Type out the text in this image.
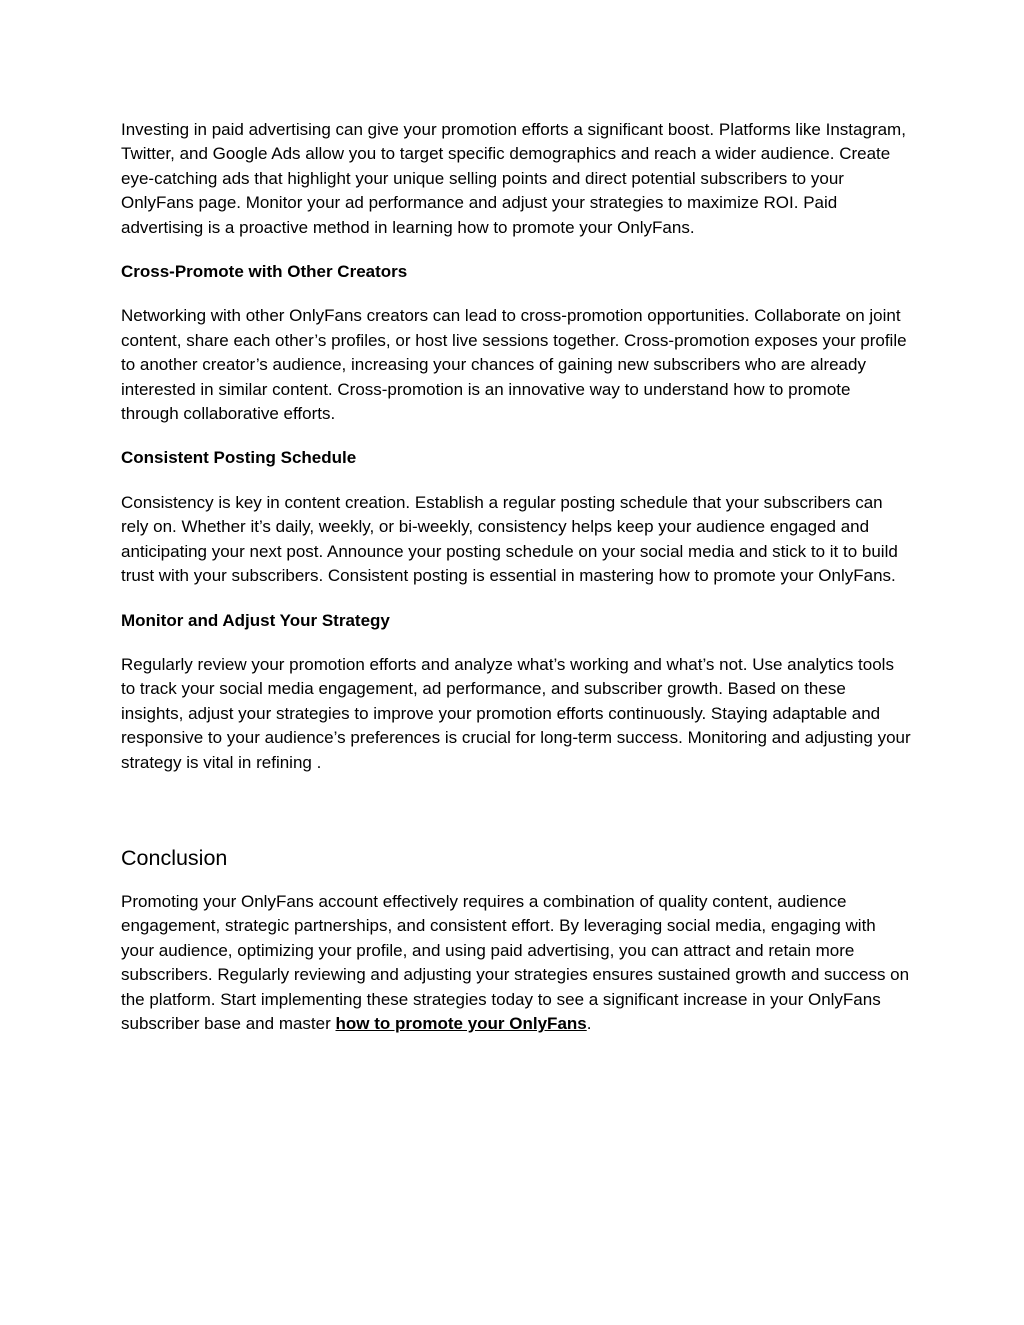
Investing in paid advertising can give your promotion efforts a significant boost. Platforms like Instagram, Twitter, and Google Ads allow you to target specific demographics and reach a wider audience. Create eye-catching ads that highlight your unique selling points and direct potential subscribers to your OnlyFans page. Monitor your ad performance and adjust your strategies to maximize ROI. Paid advertising is a proactive method in learning how to promote your OnlyFans.

Cross-Promote with Other Creators

Networking with other OnlyFans creators can lead to cross-promotion opportunities. Collaborate on joint content, share each other’s profiles, or host live sessions together. Cross-promotion exposes your profile to another creator’s audience, increasing your chances of gaining new subscribers who are already interested in similar content. Cross-promotion is an innovative way to understand how to promote through collaborative efforts.

Consistent Posting Schedule

Consistency is key in content creation. Establish a regular posting schedule that your subscribers can rely on. Whether it’s daily, weekly, or bi-weekly, consistency helps keep your audience engaged and anticipating your next post. Announce your posting schedule on your social media and stick to it to build trust with your subscribers. Consistent posting is essential in mastering how to promote your OnlyFans.

Monitor and Adjust Your Strategy

Regularly review your promotion efforts and analyze what’s working and what’s not. Use analytics tools to track your social media engagement, ad performance, and subscriber growth. Based on these insights, adjust your strategies to improve your promotion efforts continuously. Staying adaptable and responsive to your audience’s preferences is crucial for long-term success. Monitoring and adjusting your strategy is vital in refining .

Conclusion

Promoting your OnlyFans account effectively requires a combination of quality content, audience engagement, strategic partnerships, and consistent effort. By leveraging social media, engaging with your audience, optimizing your profile, and using paid advertising, you can attract and retain more subscribers. Regularly reviewing and adjusting your strategies ensures sustained growth and success on the platform. Start implementing these strategies today to see a significant increase in your OnlyFans subscriber base and master how to promote your OnlyFans.
